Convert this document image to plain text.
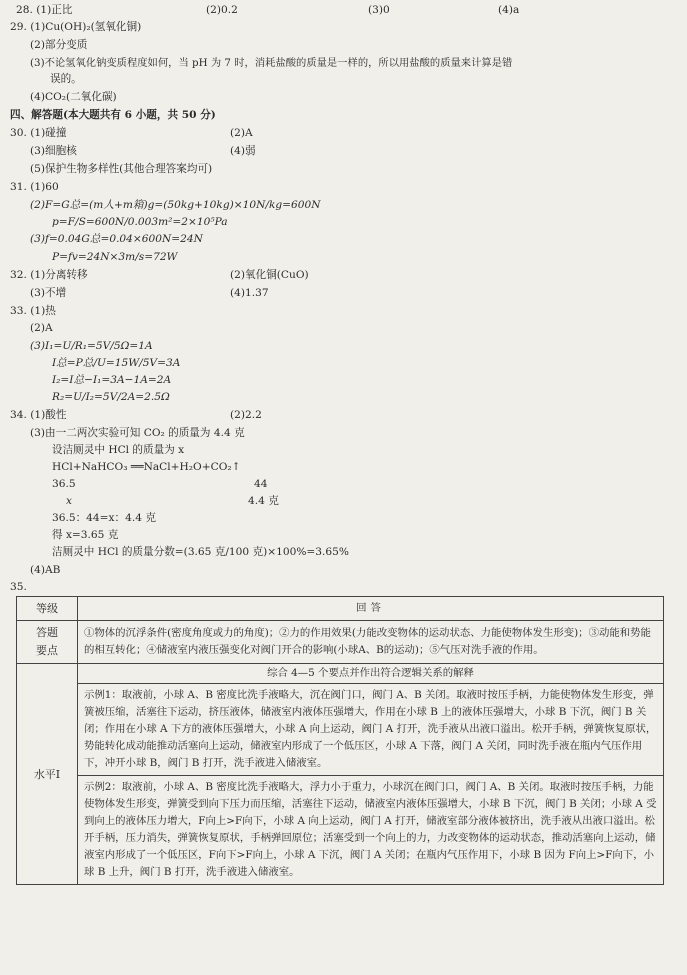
28. (1)正比	(2)0.2	(3)0	(4)a
29. (1)Cu(OH)₂(氢氧化铜)
(2)部分变质
(3)不论氢氧化钠变质程度如何，当 pH 为 7 时，消耗盐酸的质量是一样的，所以用盐酸的质量来计算是错
误的。
(4)CO₂(二氧化碳)
四、解答题(本大题共有 6 小题，共 50 分)
30. (1)碰撞	(2)A
(3)细胞核	(4)弱
(5)保护生物多样性(其他合理答案均可)
31. (1)60
(2)F=G总=(m人+m箱)g=(50kg+10kg)×10N/kg=600N
p=F/S=600N/0.003m²=2×10⁵Pa
(3)f=0.04G总=0.04×600N=24N
P=fv=24N×3m/s=72W
32. (1)分离转移	(2)氧化铜(CuO)
(3)不增	(4)1.37
33. (1)热
(2)A
(3)I₁=U/R₁=5V/5Ω=1A
I总=P总/U=15W/5V=3A
I₂=I总−I₁=3A−1A=2A
R₂=U/I₂=5V/2A=2.5Ω
34. (1)酸性	(2)2.2
(3)由一二两次实验可知 CO₂ 的质量为 4.4 克
设洁厕灵中 HCl 的质量为 x
HCl+NaHCO₃ ══NaCl+H₂O+CO₂↑
36.5	44
x	4.4 克
36.5：44=x：4.4 克
得 x=3.65 克
洁厕灵中 HCl 的质量分数=(3.65 克/100 克)×100%=3.65%
(4)AB
35.
等级	回答
答题
要点	①物体的沉浮条件(密度角度或力的角度)；②力的作用效果(力能改变物体的运动状态、力能使物体发生形变)；③动能和势能的相互转化；④储液室内液压强变化对阀门开合的影响(小球A、B的运动)；⑤气压对洗手液的作用。
水平Ⅰ	综合 4—5 个要点并作出符合逻辑关系的解释
	示例1：取液前，小球 A、B 密度比洗手液略大，沉在阀门口，阀门 A、B 关闭。取液时按压手柄，力能使物体发生形变，弹簧被压缩，活塞往下运动，挤压液体，储液室内液体压强增大，作用在小球 B 上的液体压强增大，小球 B 下沉，阀门 B 关闭；作用在小球 A 下方的液体压强增大，小球 A 向上运动，阀门 A 打开，洗手液从出液口溢出。松开手柄，弹簧恢复原状，势能转化成动能推动活塞向上运动，储液室内形成了一个低压区，小球 A 下落，阀门 A 关闭，同时洗手液在瓶内气压作用下，冲开小球 B，阀门 B 打开，洗手液进入储液室。
	示例2：取液前，小球 A、B 密度比洗手液略大，浮力小于重力，小球沉在阀门口，阀门 A、B 关闭。取液时按压手柄，力能使物体发生形变，弹簧受到向下压力而压缩，活塞往下运动，储液室内液体压强增大，小球 B 下沉，阀门 B 关闭；小球 A 受到向上的液体压力增大，F向上>F向下，小球 A 向上运动，阀门 A 打开，储液室部分液体被挤出，洗手液从出液口溢出。松开手柄，压力消失，弹簧恢复原状，手柄弹回原位；活塞受到一个向上的力，力改变物体的运动状态，推动活塞向上运动，储液室内形成了一个低压区，F向下>F向上，小球 A 下沉，阀门 A 关闭；在瓶内气压作用下，小球 B 因为 F向上>F向下，小球 B 上升，阀门 B 打开，洗手液进入储液室。
